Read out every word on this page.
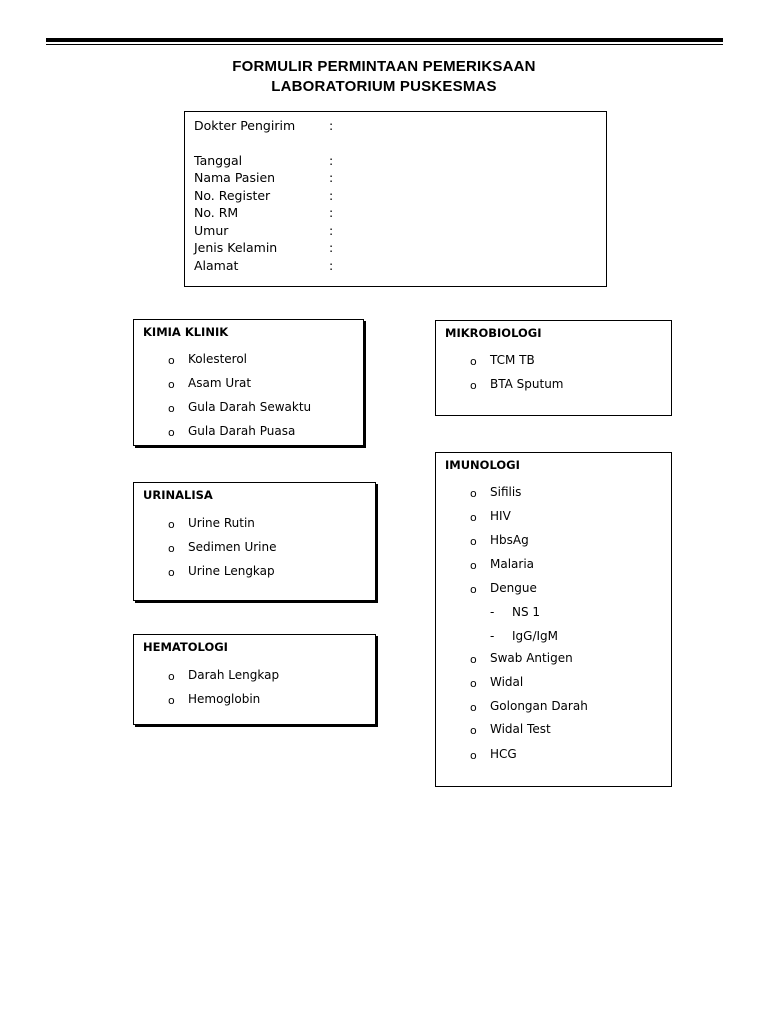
FORMULIR PERMINTAAN PEMERIKSAAN
LABORATORIUM PUSKESMAS
Dokter Pengirim	:
Tanggal	:
Nama Pasien	:
No. Register	:
No. RM	:
Umur	:
Jenis Kelamin	:
Alamat	:
KIMIA KLINIK
o Kolesterol
o Asam Urat
o Gula Darah Sewaktu
o Gula Darah Puasa
URINALISA
o Urine Rutin
o Sedimen Urine
o Urine Lengkap
HEMATOLOGI
o Darah Lengkap
o Hemoglobin
MIKROBIOLOGI
o TCM TB
o BTA Sputum
IMUNOLOGI
o Sifilis
o HIV
o HbsAg
o Malaria
o Dengue
- NS 1
- IgG/IgM
o Swab Antigen
o Widal
o Golongan Darah
o Widal Test
o HCG
